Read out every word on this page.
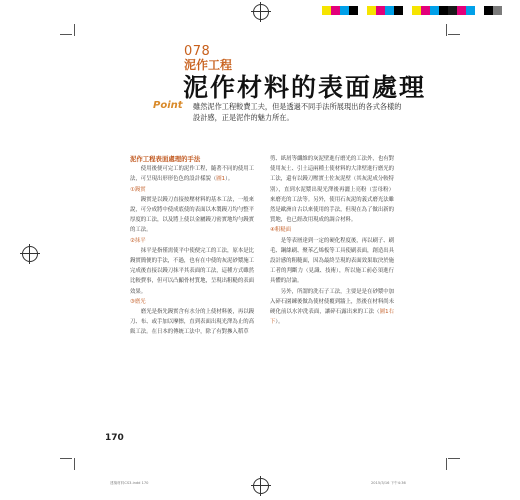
078
泥作工程
泥作材料的表面處理
Point 雖然泥作工程較費工夫，但是透過不同手法所展現出的各式各樣的設計感，正是泥作的魅力所在。

泥作工程表面處理的手法

使用後便可完工的泥作工程，隨著不同的使用工法，可呈現出形形色色的設計樣貌（圖1）。

①鏝實

鏝實是以鏝刀直接按壓材料的基本工法，一般來說，可分成將中使成底使的表面以木製鏝刀均勻整平厚度的工法，以及將上使以金屬鏝刀密實地均勻鏝實的工法。

②抹平

抹平是指僅需使平中使便完工的工法，原本是比鏝實簡便的手法，不過，也有在中使的灰泥砂漿施工完成後直接以鏝刀抹平其表面的工法，這種方式雖然比較費事，但可以凸顯骨材質地，呈現出粗糙的表面效果。

③磨光

磨光是指先鏝實含有水分的上使材料後，再以鏝刀、布、或手加以摩擦，直到表面出現光澤為止的高級工法。在日本的傳統工法中，除了有對摻入稻草

剪、紙屑等纖維的灰泥壁進行磨光的工法外，也有對使用灰土、引土這兩種土使材料的大津壁進行磨光的工法，還有以鏝刀壓實土佐灰泥壁（其灰泥成分較特別），直到水泥漿出現光澤後再灑上亮粉（雲母粉）來磨光的工法等。另外，使用石灰泥的義式磨光法雖然是歐洲自古以來使用的手法，但現在為了做出新的質地，也已經改用現成的調合材料。

④粗糙面

是等表層達到一定的硬化程度後，再以刷子、刷毛、鋼絲刷、聚苯乙烯板等工具使刷表面，創造出具設計感的粗糙面，因為最終呈現的表面效果取決於施工者的判斷力（見識、技術），所以施工前必須進行具體的討論。

另外，所謂的洗石子工法，主要是是在砂漿中加入碎石園練後做為使材使覆到牆上，然後在材料尚未硬化前以水沖洗表面，讓碎石露出來的工法（圖1右下）。

170
建築材料CS3.indd 170	2015/3/16 下午4:36
